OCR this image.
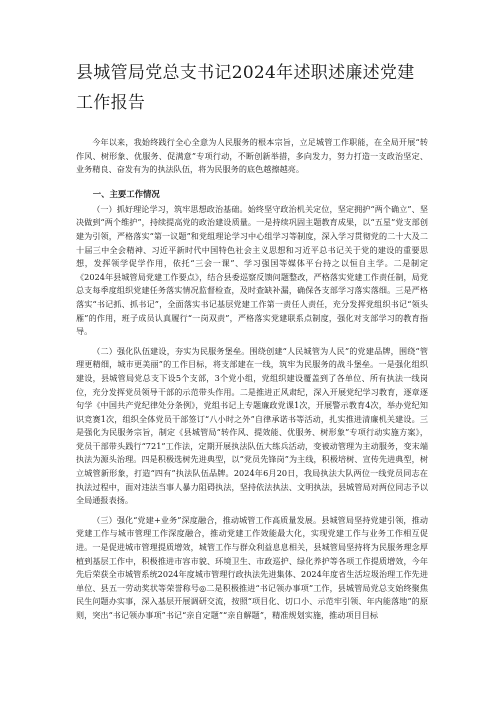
县城管局党总支书记2024年述职述廉述党建工作报告

今年以来，我始终践行全心全意为人民服务的根本宗旨，立足城管工作职能，在全局开展“转作风、树形象、优服务、促满意”专项行动，不断创新举措，多向发力，努力打造一支政治坚定、业务精良、奋发有为的执法队伍，将为民服务的底色越擦越亮。

一、主要工作情况

（一）抓好理论学习，筑牢思想政治基础。始终坚守政治机关定位，坚定拥护“两个确立”、坚决做到“两个维护”，持续提高党的政治建设质量。一是持续巩固主题教育成果，以“五星”党支部创建为引领，严格落实“第一议题”和党组理论学习中心组学习等制度，深入学习贯彻党的二十大及二十届三中全会精神、习近平新时代中国特色社会主义思想和习近平总书记关于党的建设的重要思想，发挥领学促学作用，依托“三会一课”、学习强国等媒体平台持之以恒自主学。二是制定《2024年县城管局党建工作要点》，结合县委巡察反馈问题整改，严格落实党建工作责任制，局党总支每季度组织党建任务落实情况监督检查，及时查缺补漏，确保各支部学习落实落细。三是严格落实“书记抓、抓书记”，全面落实书记基层党建工作第一责任人责任，充分发挥党组织书记“领头雁”的作用，班子成员认真履行“一岗双责”，严格落实党建联系点制度，强化对支部学习的教育指导。

（二）强化队伍建设，夯实为民服务堡垒。围绕创建“人民城管为人民”的党建品牌，围绕“管理更精细，城市更美丽”的工作目标，将支部建在一线，筑牢为民服务的战斗堡垒。一是强化组织建设，县城管局党总支下设5个支部，3个党小组，党组织建设覆盖到了各单位、所有执法一线岗位，充分发挥党员领导干部的示范带头作用。二是推进正风肃纪，深入开展党纪学习教育，逐章逐句学《中国共产党纪律处分条例》，党组书记上专题廉政党课1次，开展警示教育4次，举办党纪知识竞赛1次，组织全体党员干部签订“八小时之外”自律承诺书等活动，扎实推进清廉机关建设。三是强化为民服务宗旨，制定《县城管局“转作风、提效能、优服务、树形象”专项行动实施方案》，党员干部带头践行“721”工作法，定期开展执法队伍大练兵活动，变被动管理为主动服务，变末端执法为源头治理。四是积极选树先进典型，以“党员先锋岗”为主线，积极培树、宣传先进典型，树立城管新形象，打造“四有”执法队伍品牌。2024年6月20日，我局执法大队两位一线党员同志在执法过程中，面对违法当事人暴力阻碍执法，坚持依法执法、文明执法，县城管局对两位同志予以全局通报表扬。

（三）强化“党建+业务”深度融合，推动城管工作高质量发展。县城管局坚持党建引领，推动党建工作与城市管理工作深度融合，推动党建工作效能最大化，实现党建工作与业务工作相互促进。一是促进城市管理提质增效，城管工作与群众利益息息相关，县城管局坚持将为民服务理念厚植到基层工作中，积极推进市容市貌、环境卫生、市政巡护、绿化养护等各项工作提质增效，今年先后荣获全市城管系统2024年度城市管理行政执法先进集体、2024年度省生活垃圾治理工作先进单位、县五一劳动奖状等荣誉称号◎二是积极推进“书记领办事项”工作，县城管局党总支始终聚焦民生问题办实事，深入基层开展调研交流，按照“项目化、切口小、示范牢引领、年内能落地”的原则，突出“书记领办事项”书记“亲自定题”“亲自解题”，精准规划实施，推动项目目标
